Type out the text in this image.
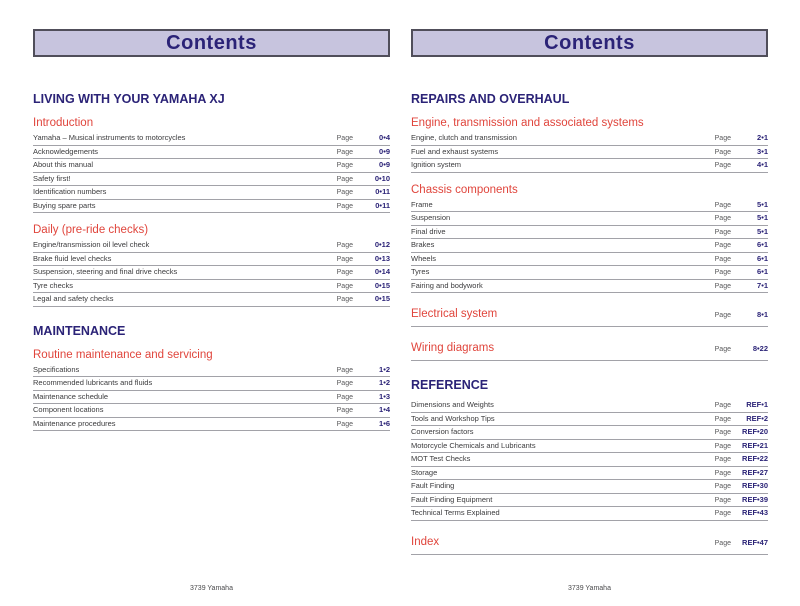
Contents
LIVING WITH YOUR YAMAHA XJ
Introduction
Yamaha – Musical instruments to motorcycles	Page	0•4
Acknowledgements	Page	0•9
About this manual	Page	0•9
Safety first!	Page	0•10
Identification numbers	Page	0•11
Buying spare parts	Page	0•11
Daily (pre-ride checks)
Engine/transmission oil level check	Page	0•12
Brake fluid level checks	Page	0•13
Suspension, steering and final drive checks	Page	0•14
Tyre checks	Page	0•15
Legal and safety checks	Page	0•15
MAINTENANCE
Routine maintenance and servicing
Specifications	Page	1•2
Recommended lubricants and fluids	Page	1•2
Maintenance schedule	Page	1•3
Component locations	Page	1•4
Maintenance procedures	Page	1•6
3739 Yamaha
Contents
REPAIRS AND OVERHAUL
Engine, transmission and associated systems
Engine, clutch and transmission	Page	2•1
Fuel and exhaust systems	Page	3•1
Ignition system	Page	4•1
Chassis components
Frame	Page	5•1
Suspension	Page	5•1
Final drive	Page	5•1
Brakes	Page	6•1
Wheels	Page	6•1
Tyres	Page	6•1
Fairing and bodywork	Page	7•1
Electrical system	Page	8•1
Wiring diagrams	Page	8•22
REFERENCE
Dimensions and Weights	Page	REF•1
Tools and Workshop Tips	Page	REF•2
Conversion factors	Page	REF•20
Motorcycle Chemicals and Lubricants	Page	REF•21
MOT Test Checks	Page	REF•22
Storage	Page	REF•27
Fault Finding	Page	REF•30
Fault Finding Equipment	Page	REF•39
Technical Terms Explained	Page	REF•43
Index	Page	REF•47
3739 Yamaha
